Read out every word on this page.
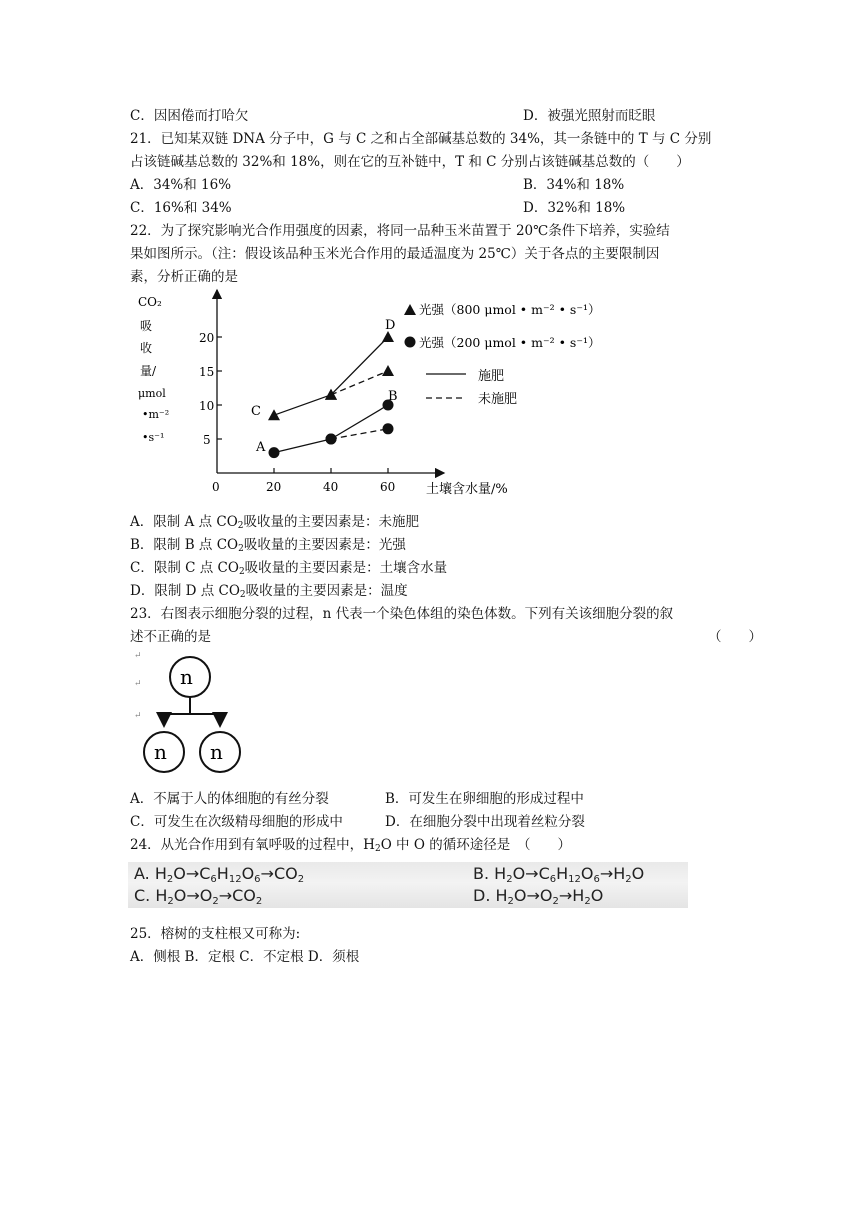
C．因困倦而打哈欠	D．被强光照射而眨眼
21．已知某双链 DNA 分子中，G 与 C 之和占全部碱基总数的 34%，其一条链中的 T 与 C 分别
占该链碱基总数的 32%和 18%，则在它的互补链中，T 和 C 分别占该链碱基总数的（　　）
A．34%和 16%	B．34%和 18%
C．16%和 34%	D．32%和 18%
22．为了探究影响光合作用强度的因素，将同一品种玉米苗置于 20℃条件下培养，实验结
果如图所示。（注：假设该品种玉米光合作用的最适温度为 25℃）关于各点的主要限制因
素，分析正确的是
CO₂
吸
收
量/
μmol
•m⁻²
•s⁻¹
土壤含水量/%
0	20	40	60
5
10
15
20
A
B
C
D
光强（800 μmol • m⁻² • s⁻¹）
光强（200 μmol • m⁻² • s⁻¹）
施肥
未施肥
A．限制 A 点 $CO_2$吸收量的主要因素是：未施肥
B．限制 B 点 $CO_2$吸收量的主要因素是：光强
C．限制 C 点 $CO_2$吸收量的主要因素是：土壤含水量
D．限制 D 点 $CO_2$吸收量的主要因素是：温度
23．右图表示细胞分裂的过程，n 代表一个染色体组的染色体数。下列有关该细胞分裂的叙
述不正确的是	（　　）
↵
↵
↵
n
n n
A．不属于人的体细胞的有丝分裂	B．可发生在卵细胞的形成过程中
C．可发生在次级精母细胞的形成中	D．在细胞分裂中出现着丝粒分裂
24．从光合作用到有氧呼吸的过程中，$H_2O$ 中 O 的循环途径是　（　　）
A. H2O→C6H12O6→CO2	B. H2O→C6H12O6→H2O
C. H2O→O2→CO2	D. H2O→O2→H2O
25．榕树的支柱根又可称为:
A．侧根 B．定根 C．不定根 D．须根
